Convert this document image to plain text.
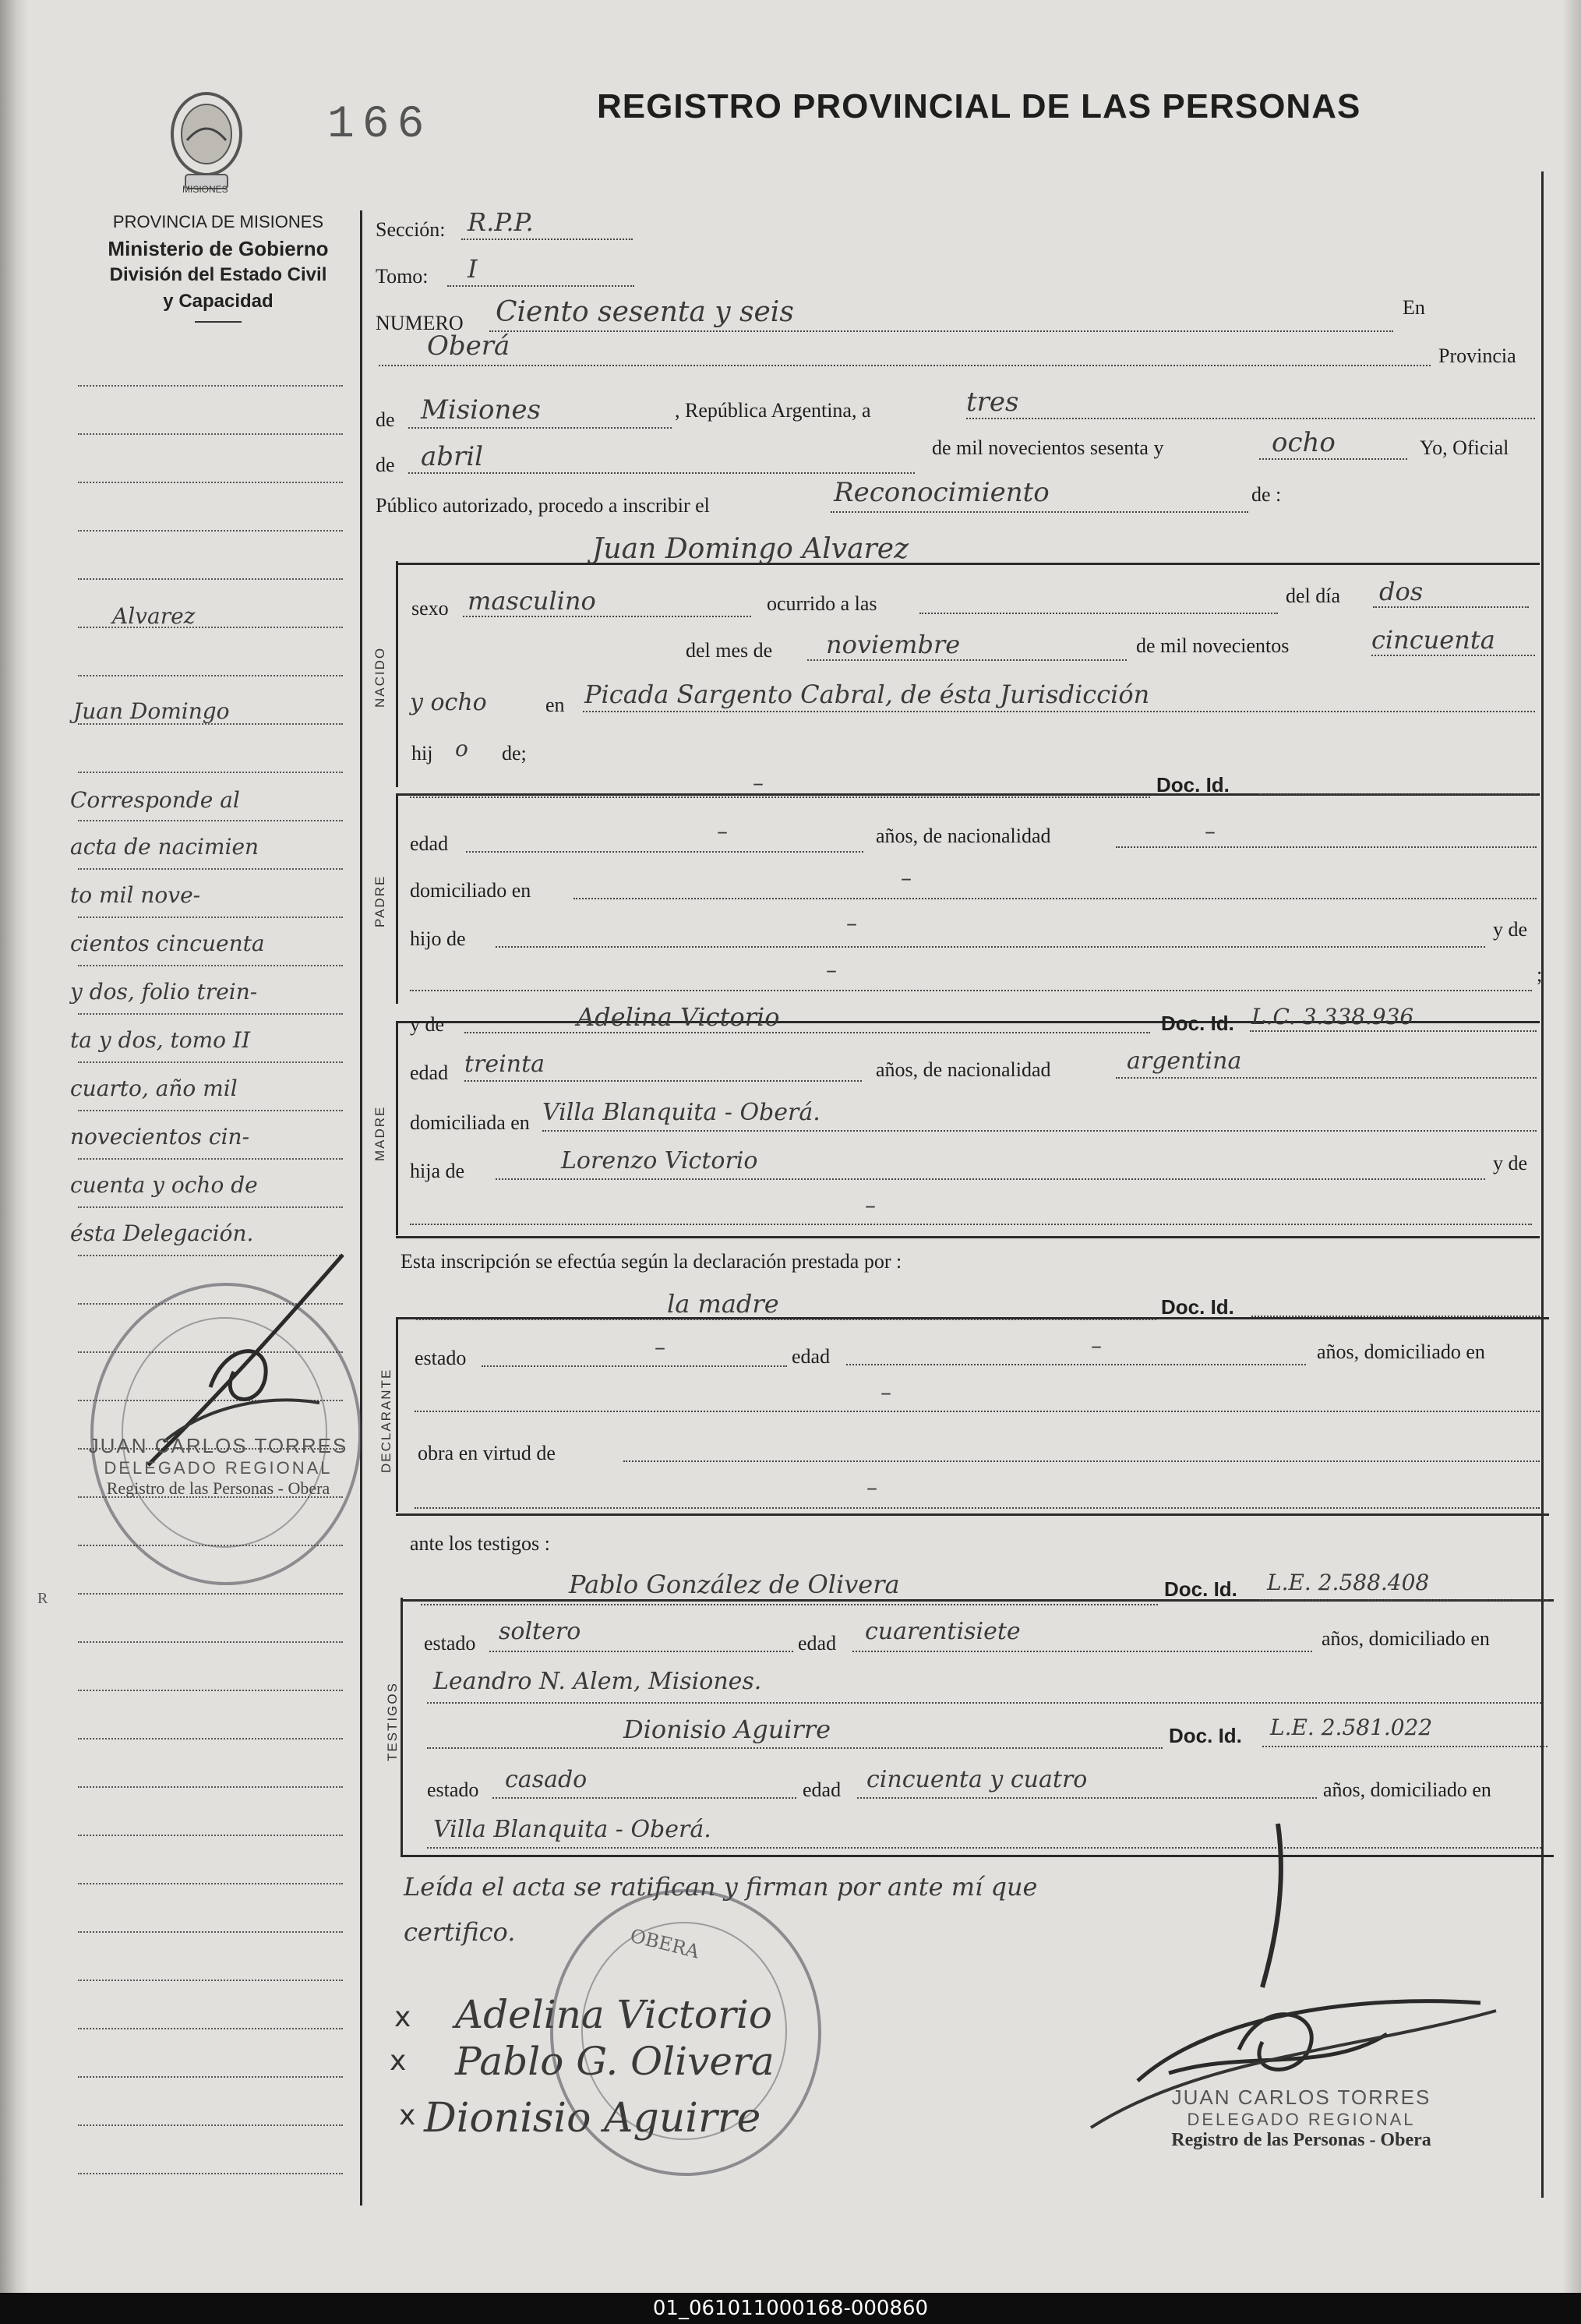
MISIONES
166	REGISTRO PROVINCIAL DE LAS PERSONAS
PROVINCIA DE MISIONES
Ministerio de Gobierno
División del Estado Civil
y Capacidad
NACIDO
PADRE
MADRE
DECLARANTE
TESTIGOS
Sección: R.P.P.
Tomo: I
NUMERO Ciento sesenta y seis	En
Oberá	Provincia
de Misiones	, República Argentina, a	tres
de abril	de mil novecientos sesenta y	ocho	Yo, Oficial
Público autorizado, procedo a inscribir el	Reconocimiento	de :
Juan Domingo Alvarez
sexo masculino	ocurrido a las	del día dos
del mes de noviembre	de mil novecientos	cincuenta
y ocho	en Picada Sargento Cabral, de ésta Jurisdicción
hij o de;
–	Doc. Id.
edad	–	años, de nacionalidad	–
domiciliado en	–
hijo de
–	y de
–	;
y de	Adelina Victorio	Doc. Id. L.C. 3.338.936
edad treinta	años, de nacionalidad	argentina
domiciliada en Villa Blanquita - Oberá.
hija de	Lorenzo Victorio	y de
–
Esta inscripción se efectúa según la declaración prestada por :
la madre	Doc. Id.
estado	–	edad	–	años, domiciliado en
–
obra en virtud de
–
ante los testigos :
Pablo González de Olivera	Doc. Id. L.E. 2.588.408
estado soltero	edad cuarentisiete	años, domiciliado en
Leandro N. Alem, Misiones.
Dionisio Aguirre	Doc. Id. L.E. 2.581.022
estado casado	edad cincuenta y cuatro	años, domiciliado en
Villa Blanquita - Oberá.
Leída el acta se ratifican y firman por ante mí que
certifico.
x Adelina Victorio
x Pablo G. Olivera
x Dionisio Aguirre
OBERA
JUAN CARLOS TORRES
DELEGADO REGIONAL
Registro de las Personas - Obera
Alvarez
Juan Domingo
Corresponde al
acta de nacimien
to mil nove-
cientos cincuenta
y dos, folio trein-
ta y dos, tomo II
cuarto, año mil
novecientos cin-
cuenta y ocho de
ésta Delegación.
JUAN CARLOS TORRES
DELEGADO REGIONAL
Registro de las Personas - Obera
R
01_061011000168-000860
